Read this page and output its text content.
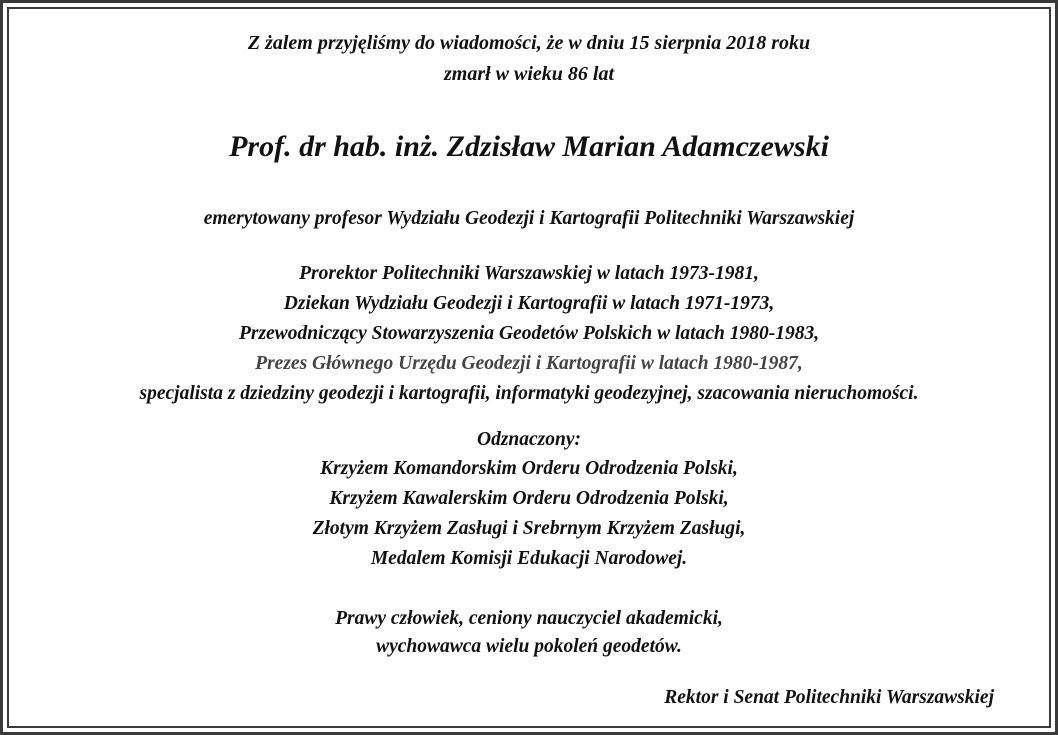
Z żalem przyjęliśmy do wiadomości, że w dniu 15 sierpnia 2018 roku
zmarł w wieku 86 lat
Prof. dr hab. inż. Zdzisław Marian Adamczewski
emerytowany profesor Wydziału Geodezji i Kartografii Politechniki Warszawskiej
Prorektor Politechniki Warszawskiej w latach 1973-1981,
Dziekan Wydziału Geodezji i Kartografii w latach 1971-1973,
Przewodniczący Stowarzyszenia Geodetów Polskich w latach 1980-1983,
Prezes Głównego Urzędu Geodezji i Kartografii w latach 1980-1987,
specjalista z dziedziny geodezji i kartografii, informatyki geodezyjnej, szacowania nieruchomości.
Odznaczony:
Krzyżem Komandorskim Orderu Odrodzenia Polski,
Krzyżem Kawalerskim Orderu Odrodzenia Polski,
Złotym Krzyżem Zasługi i Srebrnym Krzyżem Zasługi,
Medalem Komisji Edukacji Narodowej.
Prawy człowiek, ceniony nauczyciel akademicki,
wychowawca wielu pokoleń geodetów.
Rektor i Senat Politechniki Warszawskiej
